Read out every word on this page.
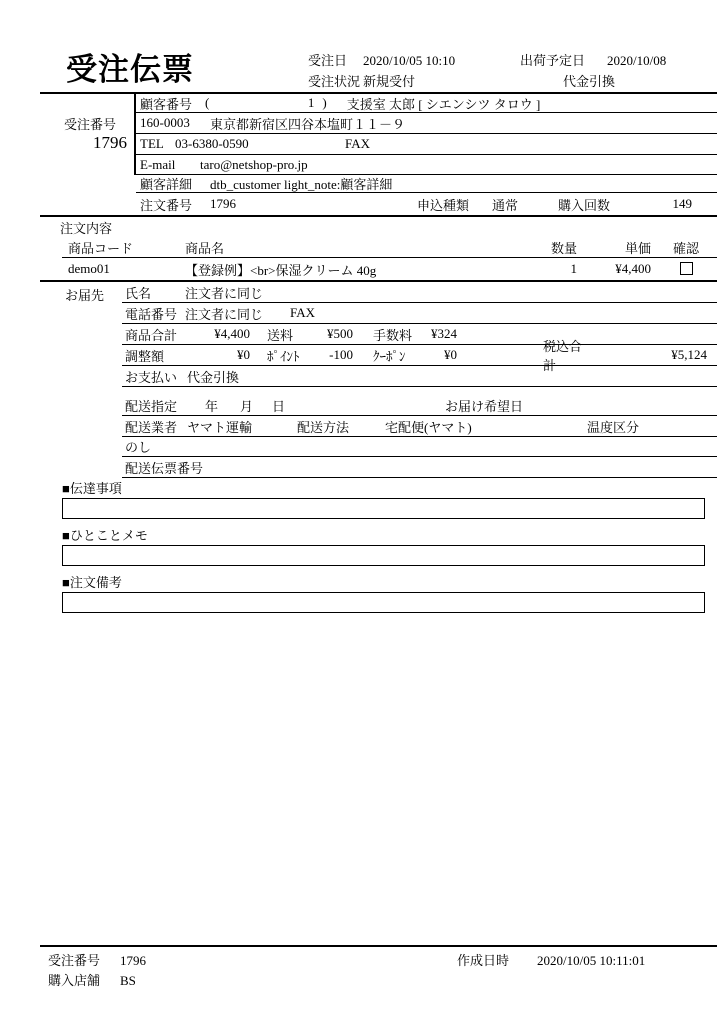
受注伝票	受注日	2020/10/05 10:10	出荷予定日	2020/10/08
受注状況 新規受付	代金引換
受注番号
1796
顧客番号 (	1 ) 支援室 太郎 [ シエンシツ タロウ ]
160-0003	東京都新宿区四谷本塩町１１－９
TEL 03-6380-0590	FAX
E-mail	taro@netshop-pro.jp
顧客詳細	dtb_customer light_note:顧客詳細
注文番号	1796	申込種類	通常	購入回数	149
注文内容
商品コード	商品名	数量	単価	確認
demo01	【登録例】<br>保湿クリーム 40g	1	¥4,400
お届先	氏名	注文者に同じ
電話番号 注文者に同じ	FAX
商品合計	¥4,400 送料	¥500 手数料	¥324
調整額	¥0 ﾎﾟｲﾝﾄ	-100 ｸｰﾎﾟﾝ	¥0
税込合計
¥5,124
お支払い 代金引換
配送指定	年	月	日	お届け希望日
配送業者 ヤマト運輸	配送方法	宅配便(ヤマト)	温度区分
のし
配送伝票番号
■伝達事項
■ひとことメモ
■注文備考
受注番号	1796	作成日時	2020/10/05 10:11:01
購入店舗	BS
